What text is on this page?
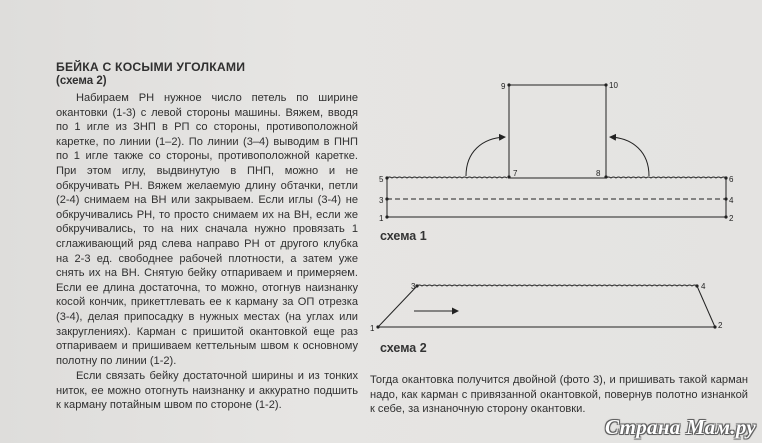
БЕЙКА С КОСЫМИ УГОЛКАМИ
(схема 2)

Набираем РН нужное число петель по ширине окантовки (1-3) с левой стороны машины. Вяжем, вводя по 1 игле из ЗНП в РП со стороны, противоположной каретке, по линии (1–2). По линии (3–4) выводим в ПНП по 1 игле также со стороны, противоположной каретке. При этом иглу, выдвинутую в ПНП, можно и не обкручивать РН. Вяжем желаемую длину обтачки, петли (2-4) снимаем на ВН или закрываем. Если иглы (3-4) не обкручивались РН, то просто снимаем их на ВН, если же обкручивались, то на них сначала нужно провязать 1 сглаживающий ряд слева направо РН от другого клубка на 2-3 ед. свободнее рабочей плотности, а затем уже снять их на ВН. Снятую бейку отпариваем и примеряем. Если ее длина достаточна, то можно, отогнув наизнанку косой кончик, прикеттлевать ее к карману за ОП отрезка (3-4), делая припосадку в нужных местах (на углах или закруглениях). Карман с пришитой окантовкой еще раз отпариваем и пришиваем кеттельным швом к основному полотну по линии (1-2).

Если связать бейку достаточной ширины и из тонких ниток, ее можно отогнуть наизнанку и аккуратно подшить к карману потайным швом по стороне (1-2).

5
3
1
6
4
2
7	8
9	10
3
1
4
2
схема 1
схема 2

Тогда окантовка получится двойной (фото 3), и пришивать такой карман надо, как карман с привязанной окантовкой, повернув полотно изнанкой к себе, за изнаночную сторону окантовки.

Страна Мам.ру
